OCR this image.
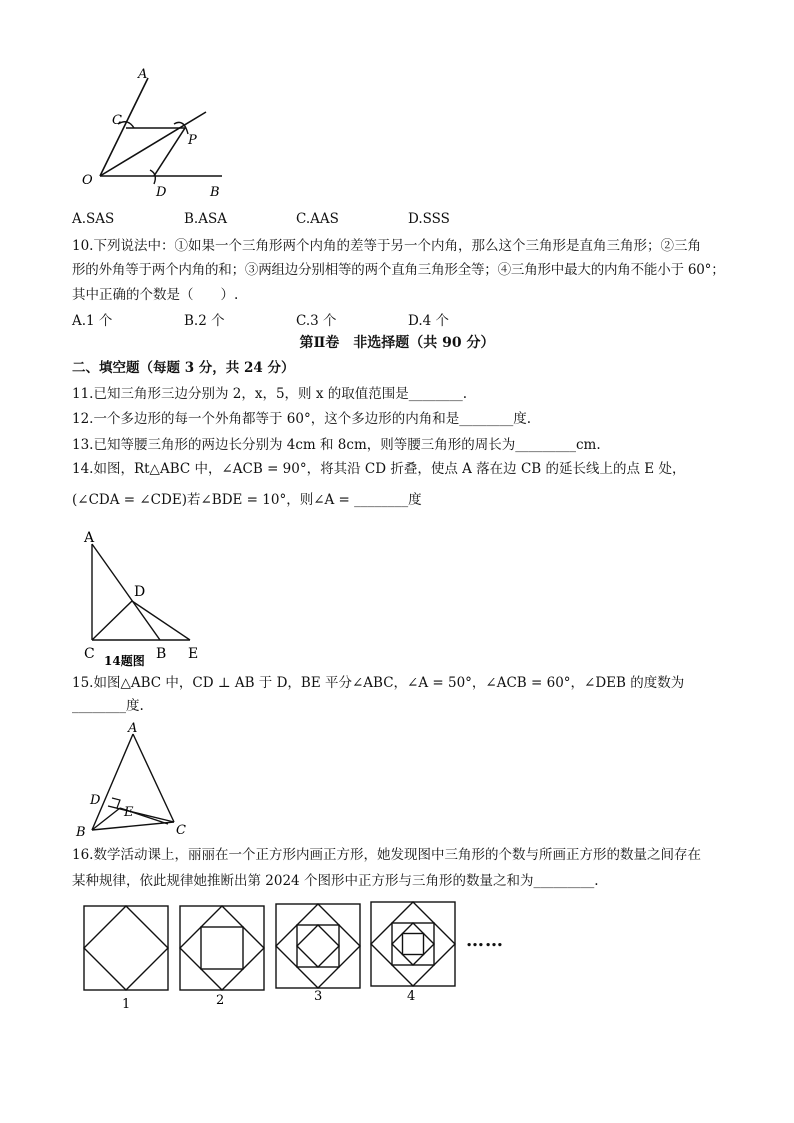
A
C
P
O
D	B
A.SAS	B.ASA	C.AAS	D.SSS
10.下列说法中：①如果一个三角形两个内角的差等于另一个内角，那么这个三角形是直角三角形；②三角
形的外角等于两个内角的和；③两组边分别相等的两个直角三角形全等；④三角形中最大的内角不能小于 60°；
其中正确的个数是（　　）.
A.1 个	B.2 个	C.3 个	D.4 个
第Ⅱ卷　非选择题（共 90 分）
二、填空题（每题 3 分，共 24 分）
11.已知三角形三边分别为 2，x，5，则 x 的取值范围是________.
12.一个多边形的每一个外角都等于 60°，这个多边形的内角和是________度.
13.已知等腰三角形的两边长分别为 4cm 和 8cm，则等腰三角形的周长为_________cm.
14.如图，Rt△ABC 中，∠ACB = 90°，将其沿 CD 折叠，使点 A 落在边 CB 的延长线上的点 E 处，
(∠CDA = ∠CDE)若∠BDE = 10°，则∠A = ________度
A
D
C	B E
14题图
15.如图△ABC 中，CD ⊥ AB 于 D，BE 平分∠ABC，∠A = 50°，∠ACB = 60°，∠DEB 的度数为
________度.
A
D
E
B	C
16.数学活动课上，丽丽在一个正方形内画正方形，她发现图中三角形的个数与所画正方形的数量之间存在
某种规律，依此规律她推断出第 2024 个图形中正方形与三角形的数量之和为_________.
1	2	3	4
……
